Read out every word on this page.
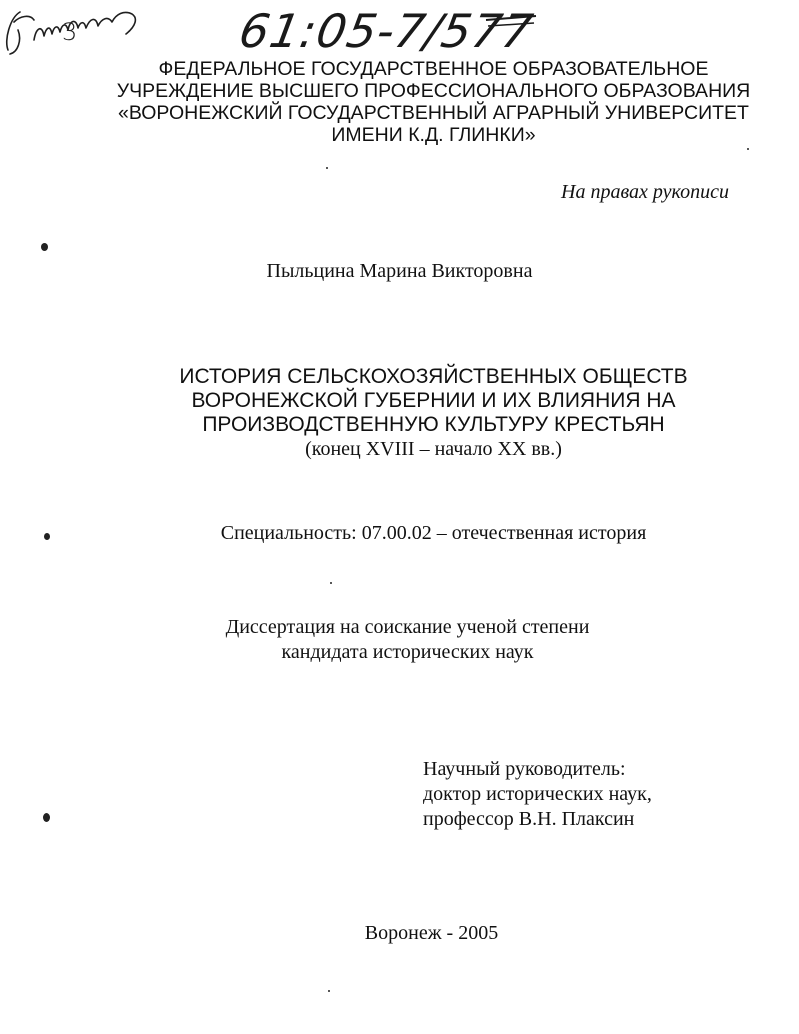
3	61:05-7/577
ФЕДЕРАЛЬНОЕ ГОСУДАРСТВЕННОЕ ОБРАЗОВАТЕЛЬНОЕ
УЧРЕЖДЕНИЕ ВЫСШЕГО ПРОФЕССИОНАЛЬНОГО ОБРАЗОВАНИЯ
«ВОРОНЕЖСКИЙ ГОСУДАРСТВЕННЫЙ АГРАРНЫЙ УНИВЕРСИТЕТ
ИМЕНИ К.Д. ГЛИНКИ»
На правах рукописи
Пыльцина Марина Викторовна
ИСТОРИЯ СЕЛЬСКОХОЗЯЙСТВЕННЫХ ОБЩЕСТВ
ВОРОНЕЖСКОЙ ГУБЕРНИИ И ИХ ВЛИЯНИЯ НА
ПРОИЗВОДСТВЕННУЮ КУЛЬТУРУ КРЕСТЬЯН
(конец XVIII – начало XX вв.)
Специальность: 07.00.02 – отечественная история
Диссертация на соискание ученой степени
кандидата исторических наук
Научный руководитель:
доктор исторических наук,
профессор В.Н. Плаксин
Воронеж - 2005
